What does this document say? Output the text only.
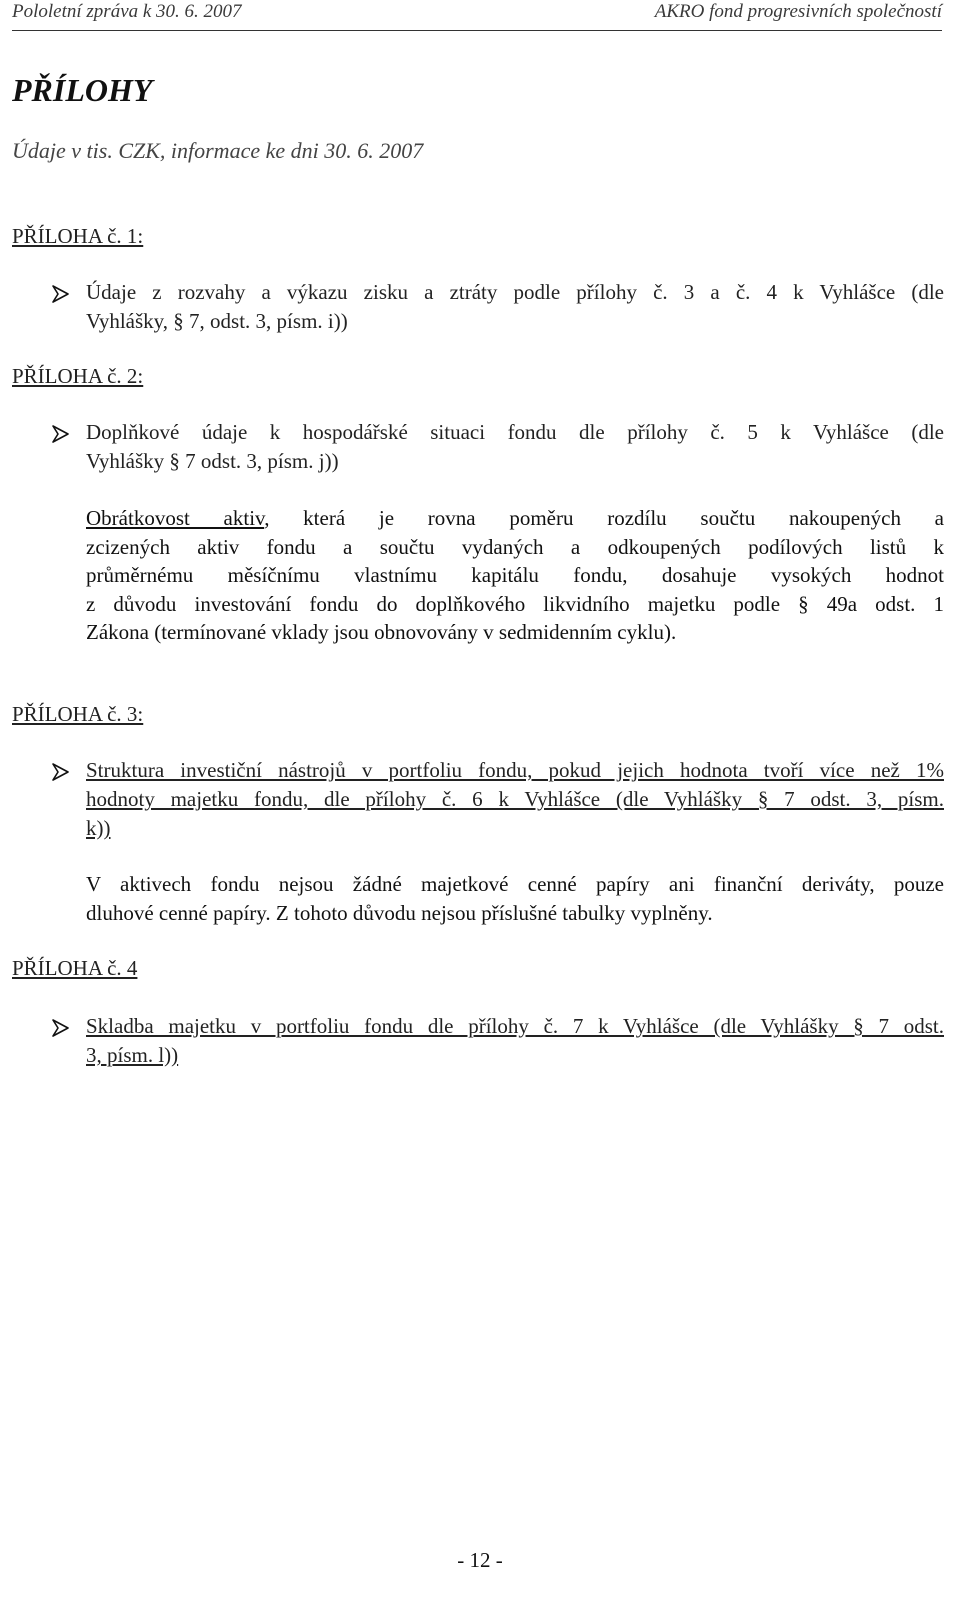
Pololetní zpráva k 30. 6. 2007	AKRO fond progresivních společností
PŘÍLOHY
Údaje v tis. CZK, informace ke dni 30. 6. 2007
PŘÍLOHA č. 1:
Údaje z rozvahy a výkazu zisku a ztráty podle přílohy č. 3 a č. 4 k Vyhlášce (dle
Vyhlášky, § 7, odst. 3, písm. i))
PŘÍLOHA č. 2:
Doplňkové údaje k hospodářské situaci fondu dle přílohy č. 5 k Vyhlášce (dle
Vyhlášky § 7 odst. 3, písm. j))
Obrátkovost aktiv, která je rovna poměru rozdílu součtu nakoupených a
zcizených aktiv fondu a součtu vydaných a odkoupených podílových listů k
průměrnému měsíčnímu vlastnímu kapitálu fondu, dosahuje vysokých hodnot
z důvodu investování fondu do doplňkového likvidního majetku podle § 49a odst. 1
Zákona (termínované vklady jsou obnovovány v sedmidenním cyklu).
PŘÍLOHA č. 3:
Struktura investiční nástrojů v portfoliu fondu, pokud jejich hodnota tvoří více než 1%
hodnoty majetku fondu, dle přílohy č. 6 k Vyhlášce (dle Vyhlášky § 7 odst. 3, písm.
k))
V aktivech fondu nejsou žádné majetkové cenné papíry ani finanční deriváty, pouze
dluhové cenné papíry. Z tohoto důvodu nejsou příslušné tabulky vyplněny.
PŘÍLOHA č. 4
Skladba majetku v portfoliu fondu dle přílohy č. 7 k Vyhlášce (dle Vyhlášky § 7 odst.
3, písm. l))
- 12 -
